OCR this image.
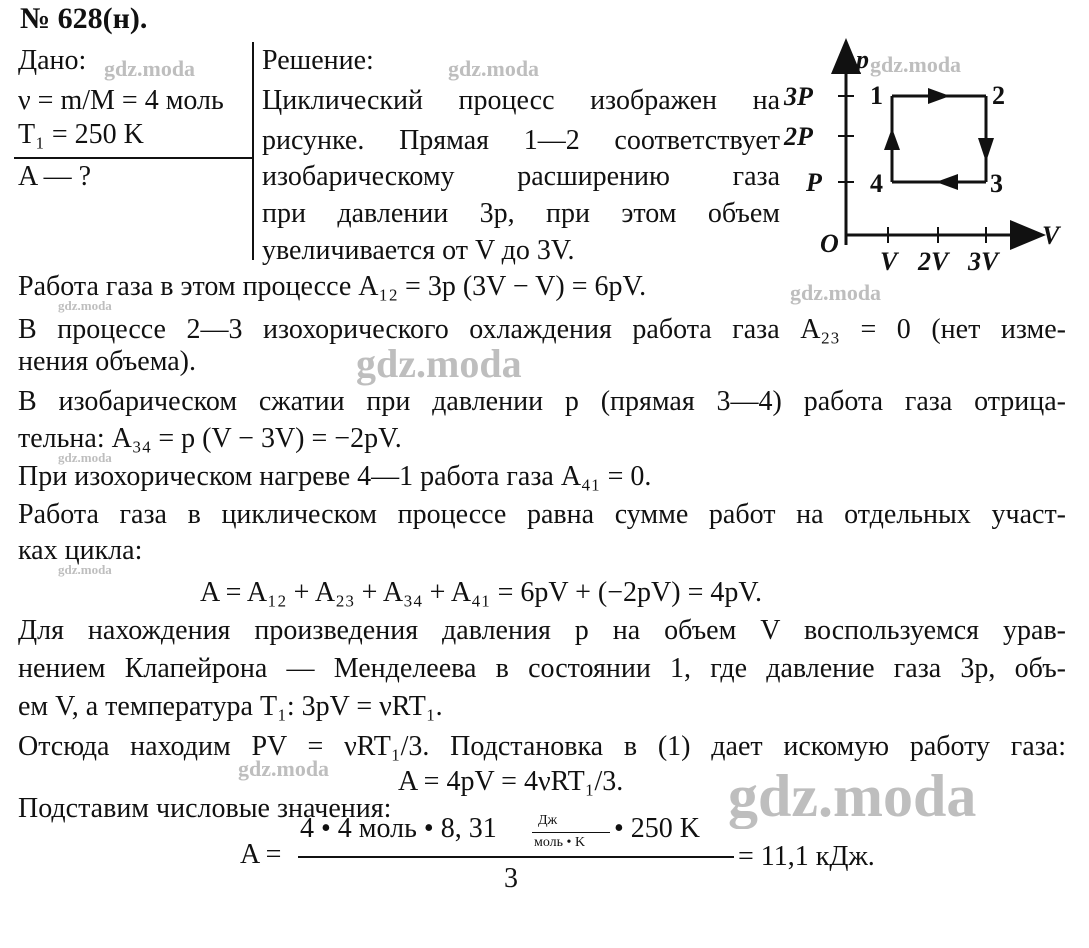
№ 628(н).
Дано:
ν = m/M = 4 моль
T₁ = 250 K
A — ?
Решение:
Циклический процесс изображен на
рисунке. Прямая 1—2 соответствует
изобарическому расширению газа
при давлении 3p, при этом объем
увеличивается от V до 3V.
p
V
O
3P
2P
P
V 2V 3V
1	2
3
4
Работа газа в этом процессе A₁₂ = 3p (3V − V) = 6pV.
В процессе 2—3 изохорического охлаждения работа газа A₂₃ = 0 (нет изме-
нения объема).
В изобарическом сжатии при давлении p (прямая 3—4) работа газа отрица-
тельна: A₃₄ = p (V − 3V) = −2pV.
При изохорическом нагреве 4—1 работа газа A₄₁ = 0.
Работа газа в циклическом процессе равна сумме работ на отдельных участ-
ках цикла:
A = A₁₂ + A₂₃ + A₃₄ + A₄₁ = 6pV + (−2pV) = 4pV.
Для нахождения произведения давления p на объем V воспользуемся урав-
нением Клапейрона — Менделеева в состоянии 1, где давление газа 3p, объ-
ем V, а температура T₁: 3pV = νRT₁.
Отсюда находим PV = νRT₁/3. Подстановка в (1) дает искомую работу газа:
A = 4pV = 4νRT₁/3.
Подставим числовые значения:
A =
4 • 4 моль • 8, 31	Дж
моль • K • 250 K
3
= 11,1 кДж.
gdz.moda	gdz.moda	gdz.moda
gdz.moda
gdz.moda
gdz.moda
gdz.moda
gdz.moda
gdz.moda	gdz.moda
